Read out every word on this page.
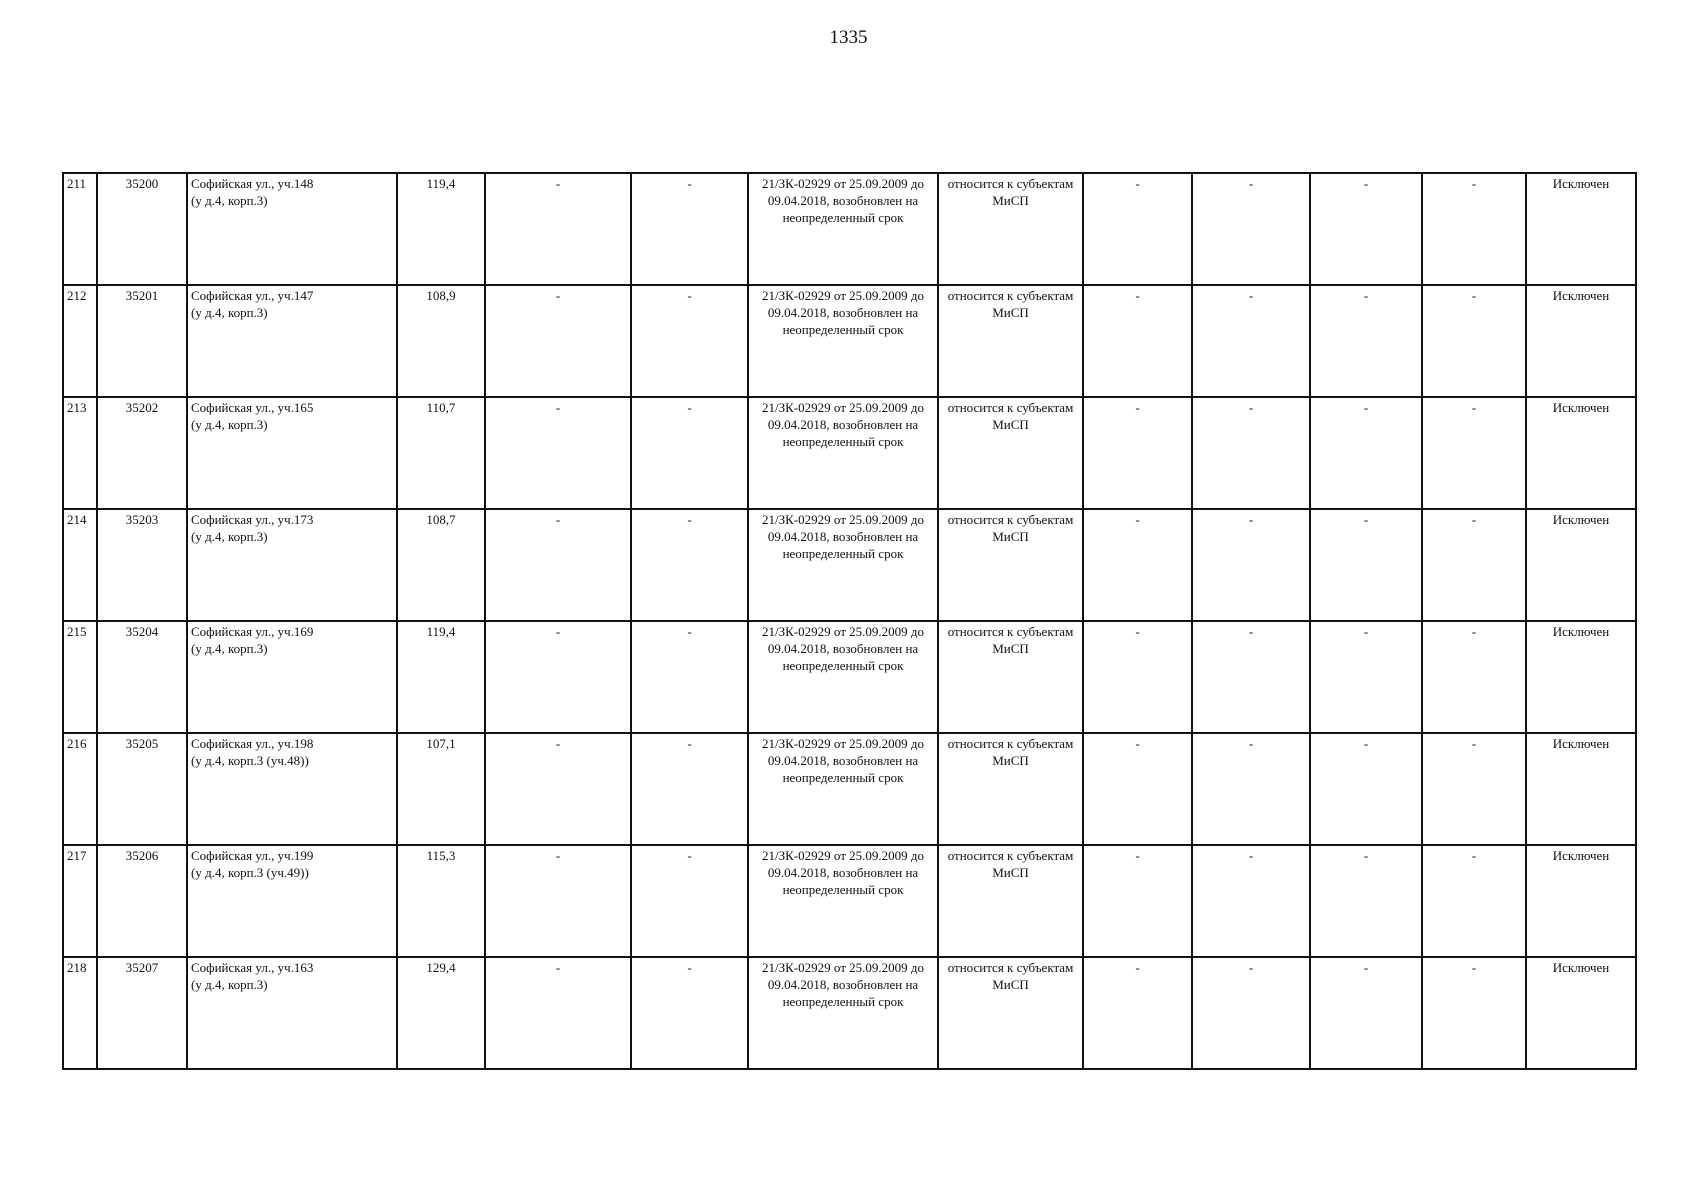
1335
211	35200	Софийская ул., уч.148
(у д.4, корп.3)	119,4	-	-	21/ЗК-02929 от 25.09.2009 до 09.04.2018, возобновлен на неопределенный срок	относится к субъектам МиСП	-	-	-	-	Исключен
212	35201	Софийская ул., уч.147
(у д.4, корп.3)	108,9	-	-	21/ЗК-02929 от 25.09.2009 до 09.04.2018, возобновлен на неопределенный срок	относится к субъектам МиСП	-	-	-	-	Исключен
213	35202	Софийская ул., уч.165
(у д.4, корп.3)	110,7	-	-	21/ЗК-02929 от 25.09.2009 до 09.04.2018, возобновлен на неопределенный срок	относится к субъектам МиСП	-	-	-	-	Исключен
214	35203	Софийская ул., уч.173
(у д.4, корп.3)	108,7	-	-	21/ЗК-02929 от 25.09.2009 до 09.04.2018, возобновлен на неопределенный срок	относится к субъектам МиСП	-	-	-	-	Исключен
215	35204	Софийская ул., уч.169
(у д.4, корп.3)	119,4	-	-	21/ЗК-02929 от 25.09.2009 до 09.04.2018, возобновлен на неопределенный срок	относится к субъектам МиСП	-	-	-	-	Исключен
216	35205	Софийская ул., уч.198
(у д.4, корп.3 (уч.48))	107,1	-	-	21/ЗК-02929 от 25.09.2009 до 09.04.2018, возобновлен на неопределенный срок	относится к субъектам МиСП	-	-	-	-	Исключен
217	35206	Софийская ул., уч.199
(у д.4, корп.3 (уч.49))	115,3	-	-	21/ЗК-02929 от 25.09.2009 до 09.04.2018, возобновлен на неопределенный срок	относится к субъектам МиСП	-	-	-	-	Исключен
218	35207	Софийская ул., уч.163
(у д.4, корп.3)	129,4	-	-	21/ЗК-02929 от 25.09.2009 до 09.04.2018, возобновлен на неопределенный срок	относится к субъектам МиСП	-	-	-	-	Исключен
